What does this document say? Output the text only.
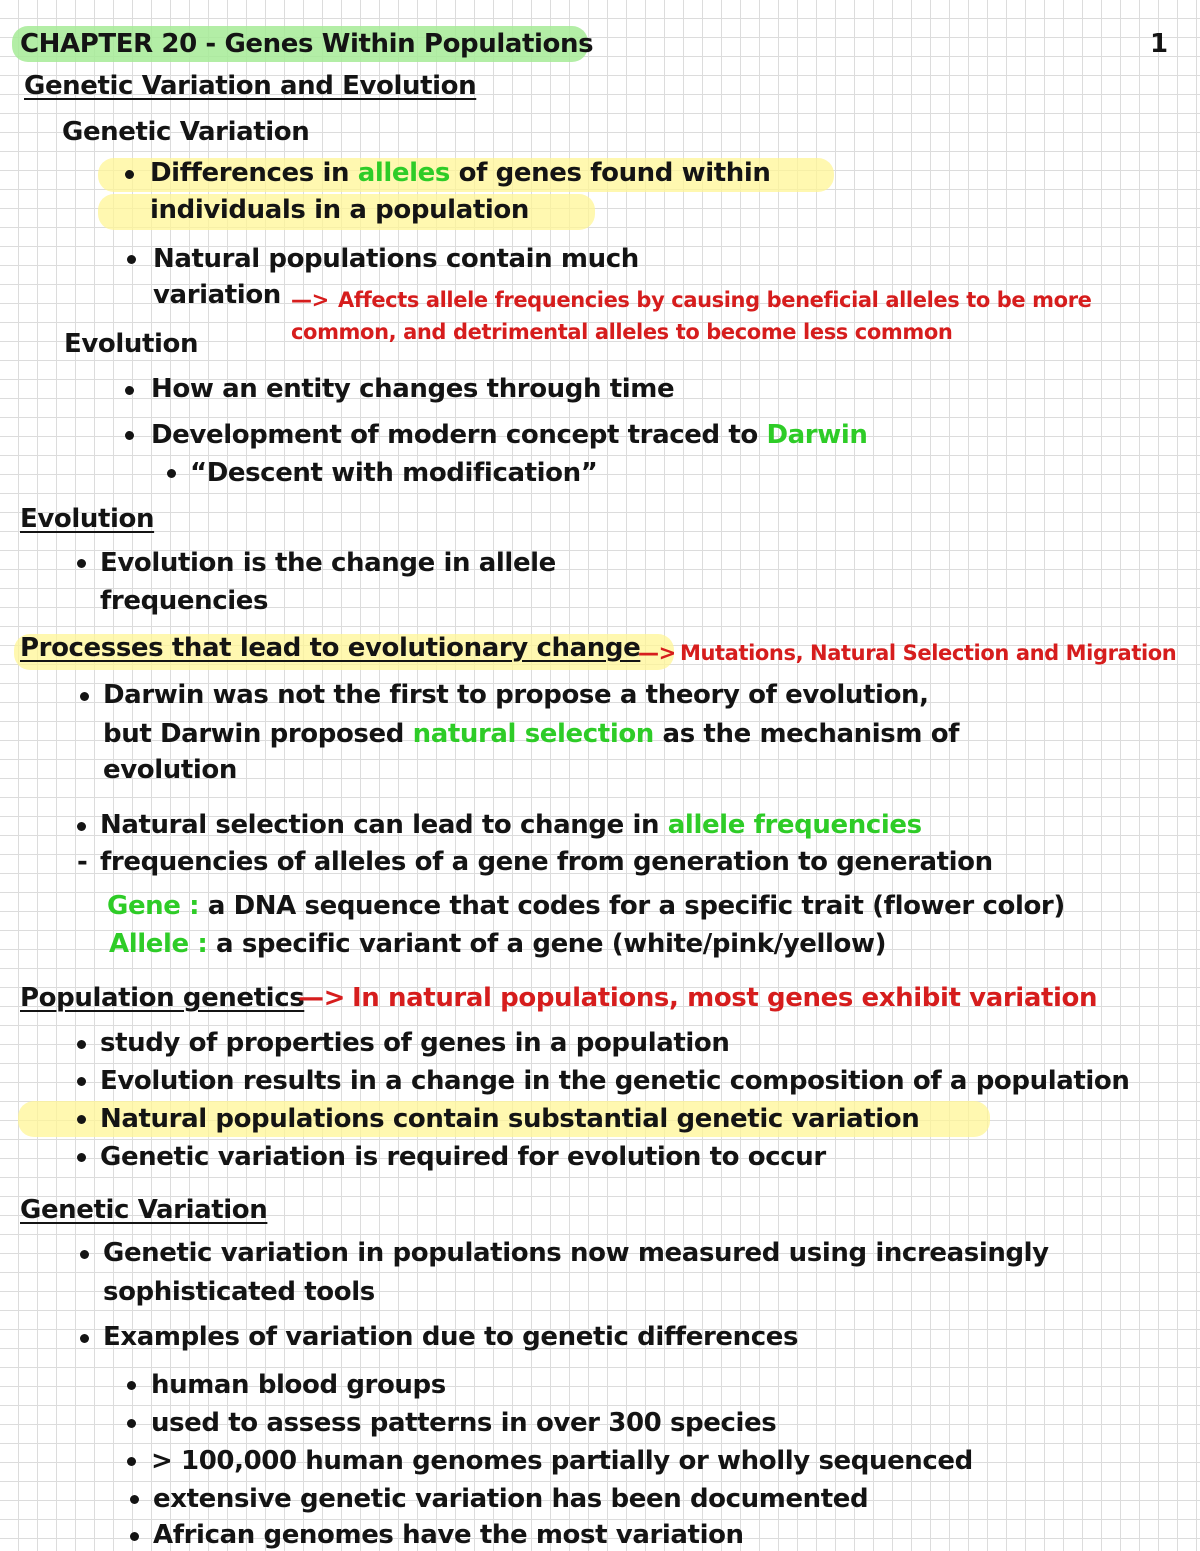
CHAPTER 20 - Genes Within Populations	1
Genetic Variation and Evolution
Genetic Variation
Differences in alleles of genes found within
individuals in a population
Natural populations contain much
variation —> Affects allele frequencies by causing beneficial alleles to be more
common, and detrimental alleles to become less common
Evolution
How an entity changes through time
Development of modern concept traced to Darwin
“Descent with modification”
Evolution
Evolution is the change in allele
frequencies
Processes that lead to evolutionary change
—> Mutations, Natural Selection and Migration
Darwin was not the first to propose a theory of evolution,
but Darwin proposed natural selection as the mechanism of
evolution
Natural selection can lead to change in allele frequencies
- frequencies of alleles of a gene from generation to generation
Gene : a DNA sequence that codes for a specific trait (flower color)
Allele : a specific variant of a gene (white/pink/yellow)
Population genetics
—> In natural populations, most genes exhibit variation
study of properties of genes in a population
Evolution results in a change in the genetic composition of a population
Natural populations contain substantial genetic variation
Genetic variation is required for evolution to occur
Genetic Variation
Genetic variation in populations now measured using increasingly
sophisticated tools
Examples of variation due to genetic differences
human blood groups
used to assess patterns in over 300 species
> 100,000 human genomes partially or wholly sequenced
extensive genetic variation has been documented
African genomes have the most variation
